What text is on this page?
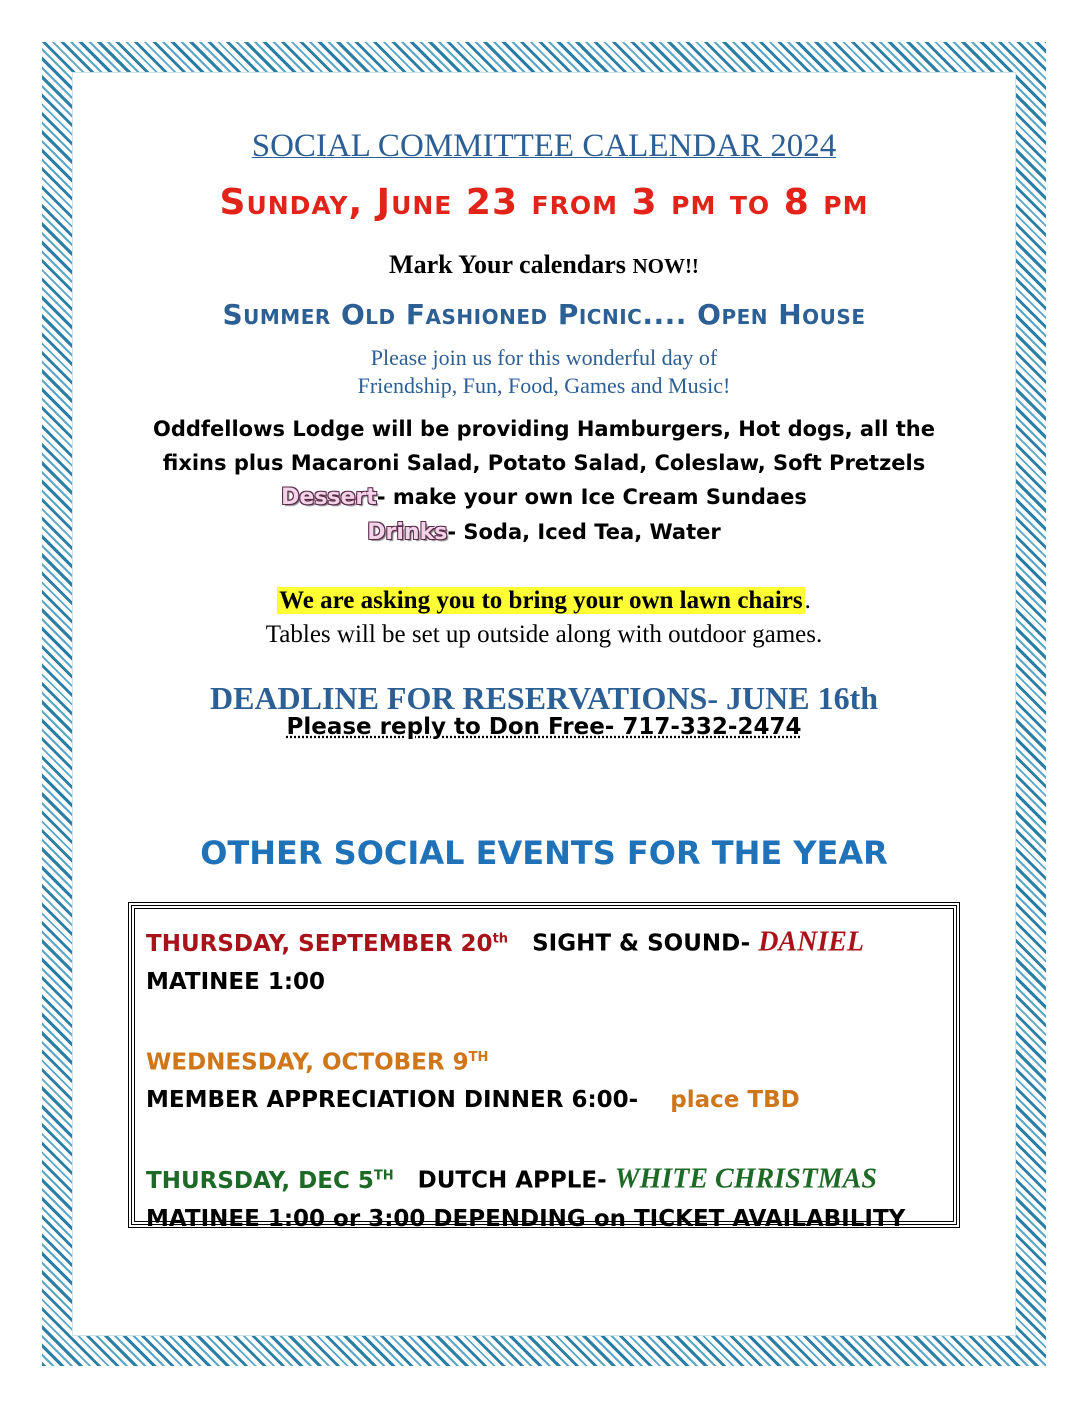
SOCIAL COMMITTEE CALENDAR 2024
Sunday, June 23 from 3 pm to 8 pm
Mark Your calendars NOW!!
Summer Old Fashioned Picnic.... Open House
Please join us for this wonderful day of
Friendship, Fun, Food, Games and Music!
Oddfellows Lodge will be providing Hamburgers, Hot dogs, all the
fixins plus Macaroni Salad, Potato Salad, Coleslaw, Soft Pretzels
Dessert- make your own Ice Cream Sundaes
Drinks- Soda, Iced Tea, Water
We are asking you to bring your own lawn chairs.
Tables will be set up outside along with outdoor games.
DEADLINE FOR RESERVATIONS- JUNE 16th
Please reply to Don Free- 717-332-2474
OTHER SOCIAL EVENTS FOR THE YEAR
THURSDAY, SEPTEMBER 20th   SIGHT & SOUND- DANIEL
MATINEE 1:00
WEDNESDAY, OCTOBER 9TH
MEMBER APPRECIATION DINNER 6:00- place TBD
THURSDAY, DEC 5TH   DUTCH APPLE- WHITE CHRISTMAS
MATINEE 1:00 or 3:00 DEPENDING on TICKET AVAILABILITY
